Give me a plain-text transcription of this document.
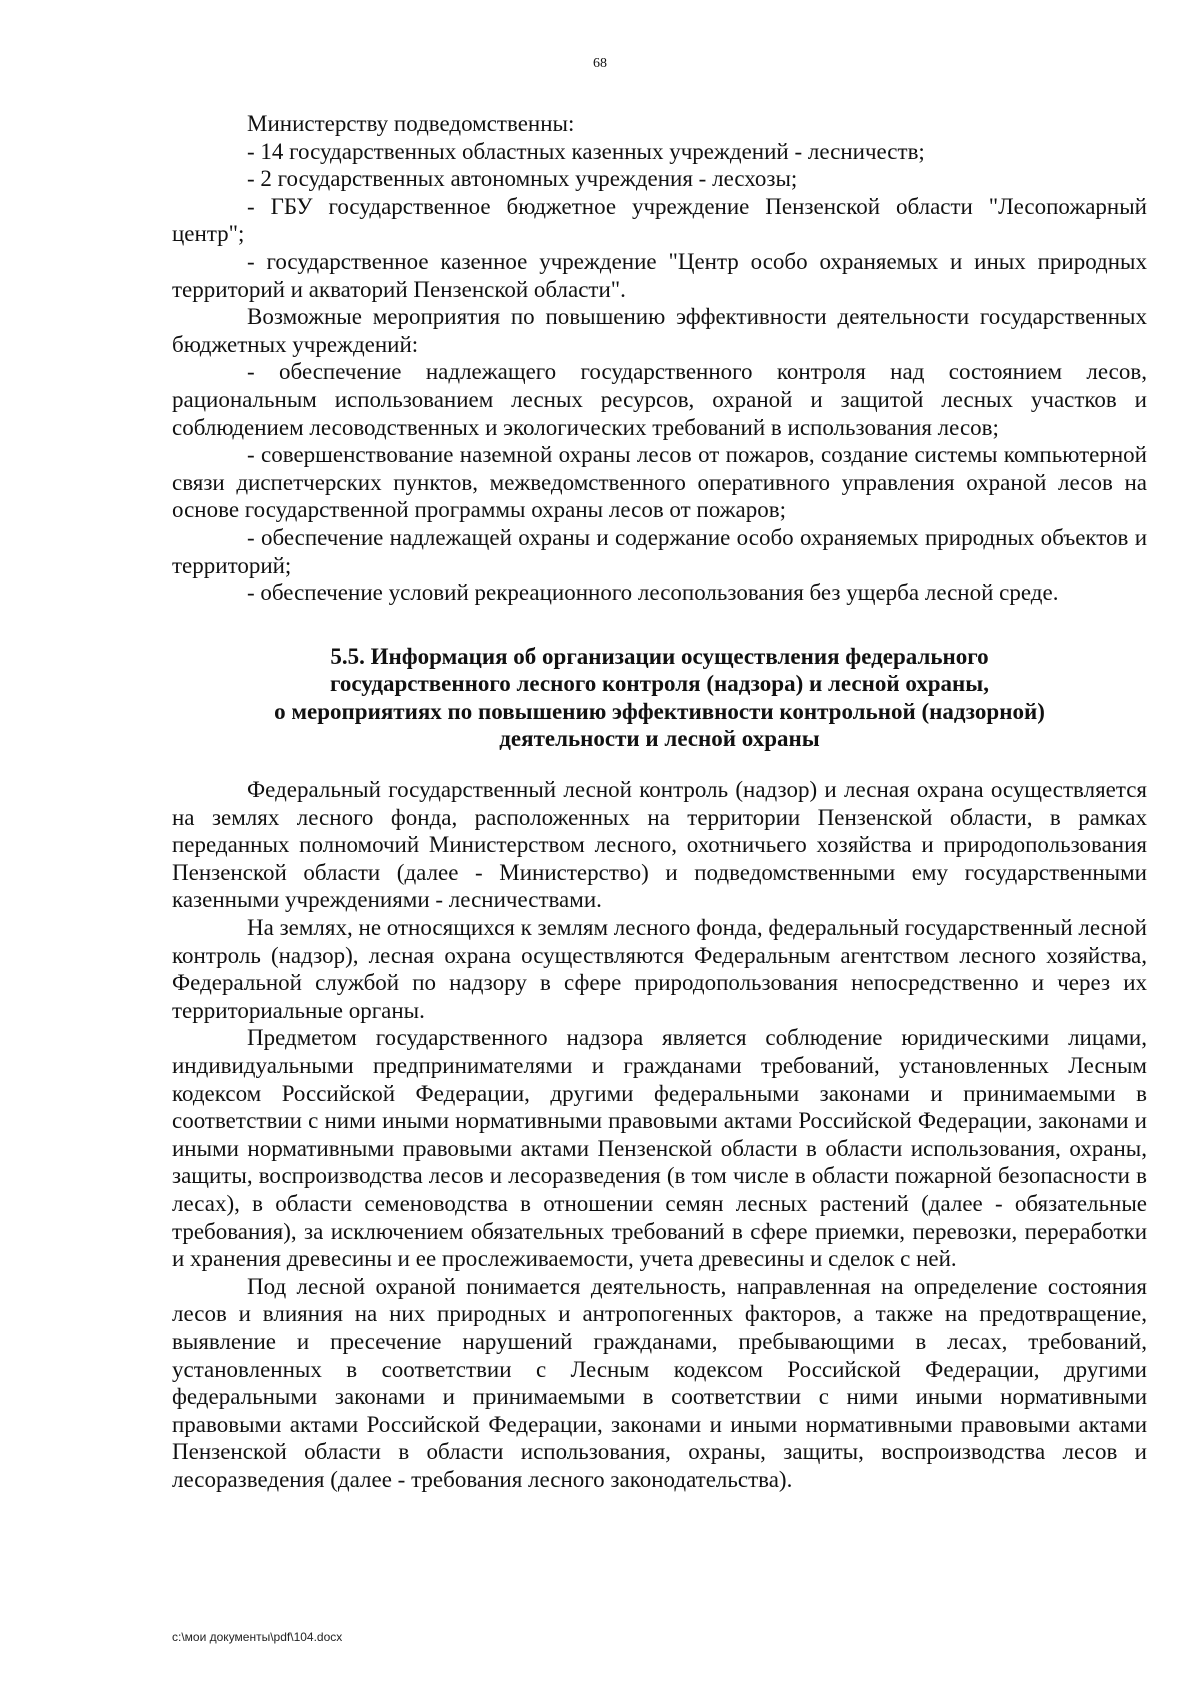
68

Министерству подведомственны:

- 14 государственных областных казенных учреждений - лесничеств;

- 2 государственных автономных учреждения - лесхозы;

- ГБУ государственное бюджетное учреждение Пензенской области "Лесопожарный центр";

- государственное казенное учреждение "Центр особо охраняемых и иных природных территорий и акваторий Пензенской области".

Возможные мероприятия по повышению эффективности деятельности государственных бюджетных учреждений:

- обеспечение надлежащего государственного контроля над состоянием лесов, рациональным использованием лесных ресурсов, охраной и защитой лесных участков и соблюдением лесоводственных и экологических требований в использования лесов;

- совершенствование наземной охраны лесов от пожаров, создание системы компьютерной связи диспетчерских пунктов, межведомственного оперативного управления охраной лесов на основе государственной программы охраны лесов от пожаров;

- обеспечение надлежащей охраны и содержание особо охраняемых природных объектов и территорий;

- обеспечение условий рекреационного лесопользования без ущерба лесной среде.

5.5. Информация об организации осуществления федерального
государственного лесного контроля (надзора) и лесной охраны,
о мероприятиях по повышению эффективности контрольной (надзорной)
деятельности и лесной охраны

Федеральный государственный лесной контроль (надзор) и лесная охрана осуществляется на землях лесного фонда, расположенных на территории Пензенской области, в рамках переданных полномочий Министерством лесного, охотничьего хозяйства и природопользования Пензенской области (далее - Министерство) и подведомственными ему государственными казенными учреждениями - лесничествами.

На землях, не относящихся к землям лесного фонда, федеральный государственный лесной контроль (надзор), лесная охрана осуществляются Федеральным агентством лесного хозяйства, Федеральной службой по надзору в сфере природопользования непосредственно и через их территориальные органы.

Предметом государственного надзора является соблюдение юридическими лицами, индивидуальными предпринимателями и гражданами требований, установленных Лесным кодексом Российской Федерации, другими федеральными законами и принимаемыми в соответствии с ними иными нормативными правовыми актами Российской Федерации, законами и иными нормативными правовыми актами Пензенской области в области использования, охраны, защиты, воспроизводства лесов и лесоразведения (в том числе в области пожарной безопасности в лесах), в области семеноводства в отношении семян лесных растений (далее - обязательные требования), за исключением обязательных требований в сфере приемки, перевозки, переработки и хранения древесины и ее прослеживаемости, учета древесины и сделок с ней.

Под лесной охраной понимается деятельность, направленная на определение состояния лесов и влияния на них природных и антропогенных факторов, а также на предотвращение, выявление и пресечение нарушений гражданами, пребывающими в лесах, требований, установленных в соответствии с Лесным кодексом Российской Федерации, другими федеральными законами и принимаемыми в соответствии с ними иными нормативными правовыми актами Российской Федерации, законами и иными нормативными правовыми актами Пензенской области в области использования, охраны, защиты, воспроизводства лесов и лесоразведения (далее - требования лесного законодательства).

c:\мои документы\pdf\104.docx
